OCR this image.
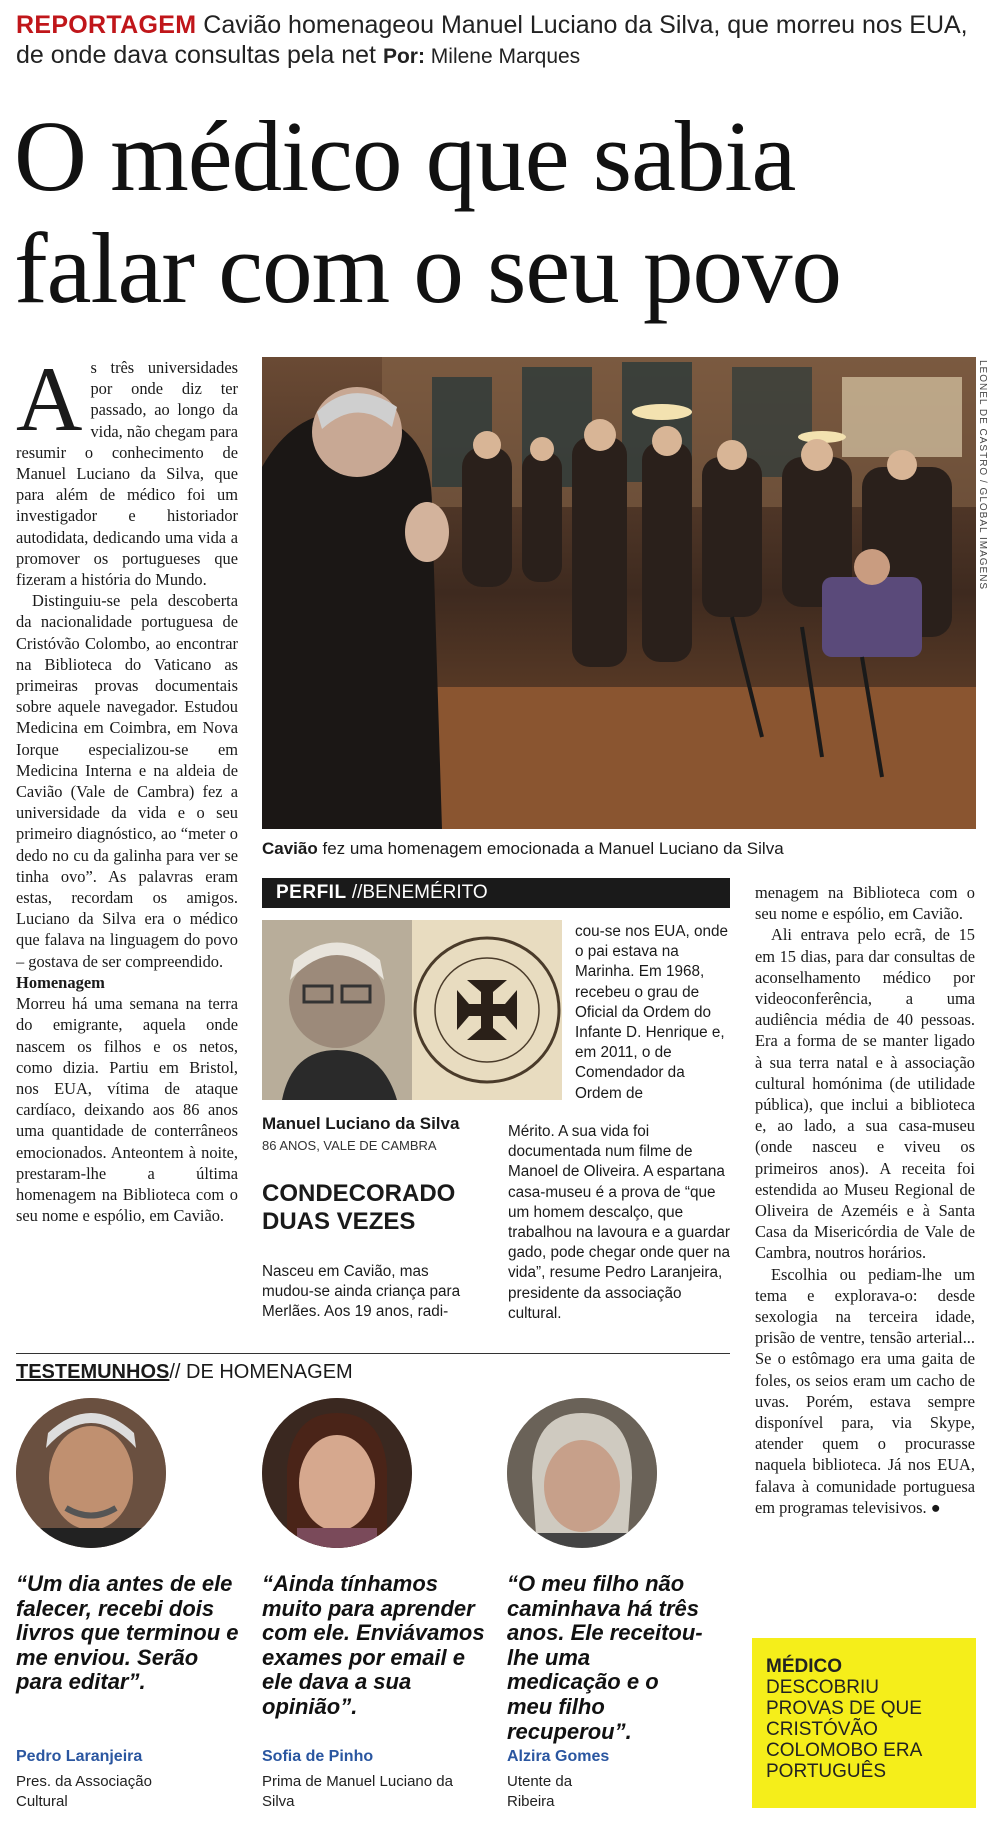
REPORTAGEM Cavião homenageou Manuel Luciano da Silva, que morreu nos EUA, de onde dava consultas pela net Por: Milene Marques
O médico que sabia
falar com o seu povo

As três universidades por onde diz ter passado, ao longo da vida, não chegam para resumir o conhecimento de Manuel Luciano da Silva, que para além de médico foi um investigador e historiador autodidata, dedicando uma vida a promover os portugueses que fizeram a história do Mundo.

Distinguiu-se pela descoberta da nacionalidade portuguesa de Cristóvão Colombo, ao encontrar na Biblioteca do Vaticano as primeiras provas documentais sobre aquele navegador. Estudou Medicina em Coimbra, em Nova Iorque especializou-se em Medicina Interna e na aldeia de Cavião (Vale de Cambra) fez a universidade da vida e o seu primeiro diagnóstico, ao “meter o dedo no cu da galinha para ver se tinha ovo”. As palavras eram estas, recordam os amigos. Luciano da Silva era o médico que falava na linguagem do povo – gostava de ser compreendido.

Homenagem

Morreu há uma semana na terra do emigrante, aquela onde nascem os filhos e os netos, como dizia. Partiu em Bristol, nos EUA, vítima de ataque cardíaco, deixando aos 86 anos uma quantidade de conterrâneos emocionados. Anteontem à noite, prestaram-lhe a última homenagem na Biblioteca com o seu nome e espólio, em Cavião.

LEONEL DE CASTRO / GLOBAL IMAGENS
Cavião fez uma homenagem emocionada a Manuel Luciano da Silva
PERFIL //BENEMÉRITO
Manuel Luciano da Silva
86 ANOS, VALE DE CAMBRA
CONDECORADO DUAS VEZES
Nasceu em Cavião, mas mudou-se ainda criança para Merlães. Aos 19 anos, radi-
cou-se nos EUA, onde o pai estava na Marinha. Em 1968, recebeu o grau de Oficial da Ordem do Infante D. Henrique e, em 2011, o de Comendador da Ordem de
Mérito. A sua vida foi documentada num filme de Manoel de Oliveira. A espartana casa-museu é a prova de “que um homem descalço, que trabalhou na lavoura e a guardar gado, pode chegar onde quer na vida”, resume Pedro Laranjeira, presidente da associação cultural.

menagem na Biblioteca com o seu nome e espólio, em Cavião.

Ali entrava pelo ecrã, de 15 em 15 dias, para dar consultas de aconselhamento médico por videoconferência, a uma audiência média de 40 pessoas. Era a forma de se manter ligado à sua terra natal e à associação cultural homónima (de utilidade pública), que inclui a biblioteca e, ao lado, a sua casa-museu (onde nasceu e viveu os primeiros anos). A receita foi estendida ao Museu Regional de Oliveira de Azeméis e à Santa Casa da Misericórdia de Vale de Cambra, noutros horários.

Escolhia ou pediam-lhe um tema e explorava-o: desde sexologia na terceira idade, prisão de ventre, tensão arterial... Se o estômago era uma gaita de foles, os seios eram um cacho de uvas. Porém, estava sempre disponível para, via Skype, atender quem o procurasse naquela biblioteca. Já nos EUA, falava à comunidade portuguesa em programas televisivos. ●

TESTEMUNHOS// DE HOMENAGEM
“Um dia antes de ele falecer, recebi dois livros que terminou e me enviou. Serão para editar”.
Pedro Laranjeira
Pres. da Associação Cultural
“Ainda tínhamos muito para aprender com ele. Enviávamos exames por email e ele dava a sua opinião”.
Sofia de Pinho
Prima de Manuel Luciano da Silva
“O meu filho não caminhava há três anos. Ele receitou-lhe uma medicação e o meu filho recuperou”.
Alzira Gomes
Utente da Ribeira
MÉDICO
DESCOBRIU PROVAS DE QUE CRISTÓVÃO COLOMOBO ERA PORTUGUÊS
